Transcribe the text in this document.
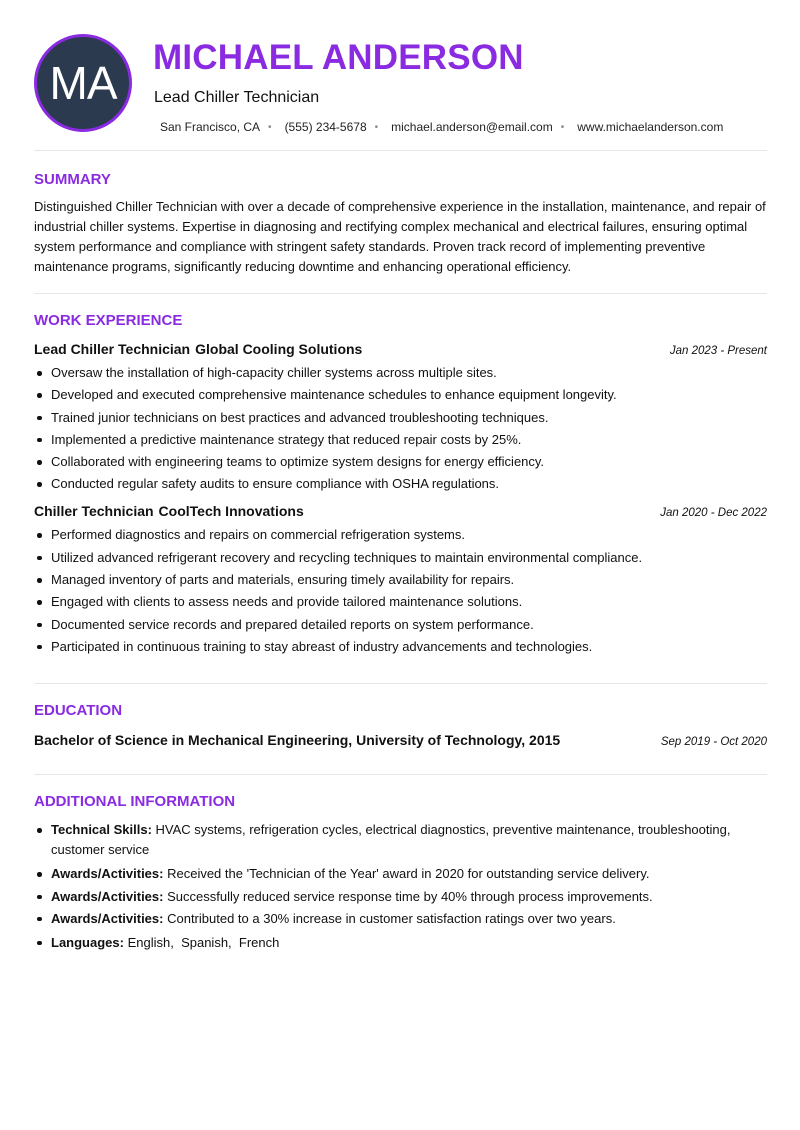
MA MICHAEL ANDERSON
Lead Chiller Technician
San Francisco, CA • (555) 234-5678 • michael.anderson@email.com • www.michaelanderson.com
SUMMARY

Distinguished Chiller Technician with over a decade of comprehensive experience in the installation, maintenance, and repair of industrial chiller systems. Expertise in diagnosing and rectifying complex mechanical and electrical failures, ensuring optimal system performance and compliance with stringent safety standards. Proven track record of implementing preventive maintenance programs, significantly reducing downtime and enhancing operational efficiency.

WORK EXPERIENCE
Lead Chiller Technician Global Cooling Solutions	Jan 2023 - Present
Oversaw the installation of high-capacity chiller systems across multiple sites.
Developed and executed comprehensive maintenance schedules to enhance equipment longevity.
Trained junior technicians on best practices and advanced troubleshooting techniques.
Implemented a predictive maintenance strategy that reduced repair costs by 25%.
Collaborated with engineering teams to optimize system designs for energy efficiency.
Conducted regular safety audits to ensure compliance with OSHA regulations.
Chiller Technician CoolTech Innovations	Jan 2020 - Dec 2022
Performed diagnostics and repairs on commercial refrigeration systems.
Utilized advanced refrigerant recovery and recycling techniques to maintain environmental compliance.
Managed inventory of parts and materials, ensuring timely availability for repairs.
Engaged with clients to assess needs and provide tailored maintenance solutions.
Documented service records and prepared detailed reports on system performance.
Participated in continuous training to stay abreast of industry advancements and technologies.
EDUCATION
Bachelor of Science in Mechanical Engineering, University of Technology, 2015	Sep 2019 - Oct 2020
ADDITIONAL INFORMATION
Technical Skills: HVAC systems, refrigeration cycles, electrical diagnostics, preventive maintenance, troubleshooting, customer service
Awards/Activities: Received the 'Technician of the Year' award in 2020 for outstanding service delivery.
Awards/Activities: Successfully reduced service response time by 40% through process improvements.
Awards/Activities: Contributed to a 30% increase in customer satisfaction ratings over two years.
Languages: English,  Spanish,  French
